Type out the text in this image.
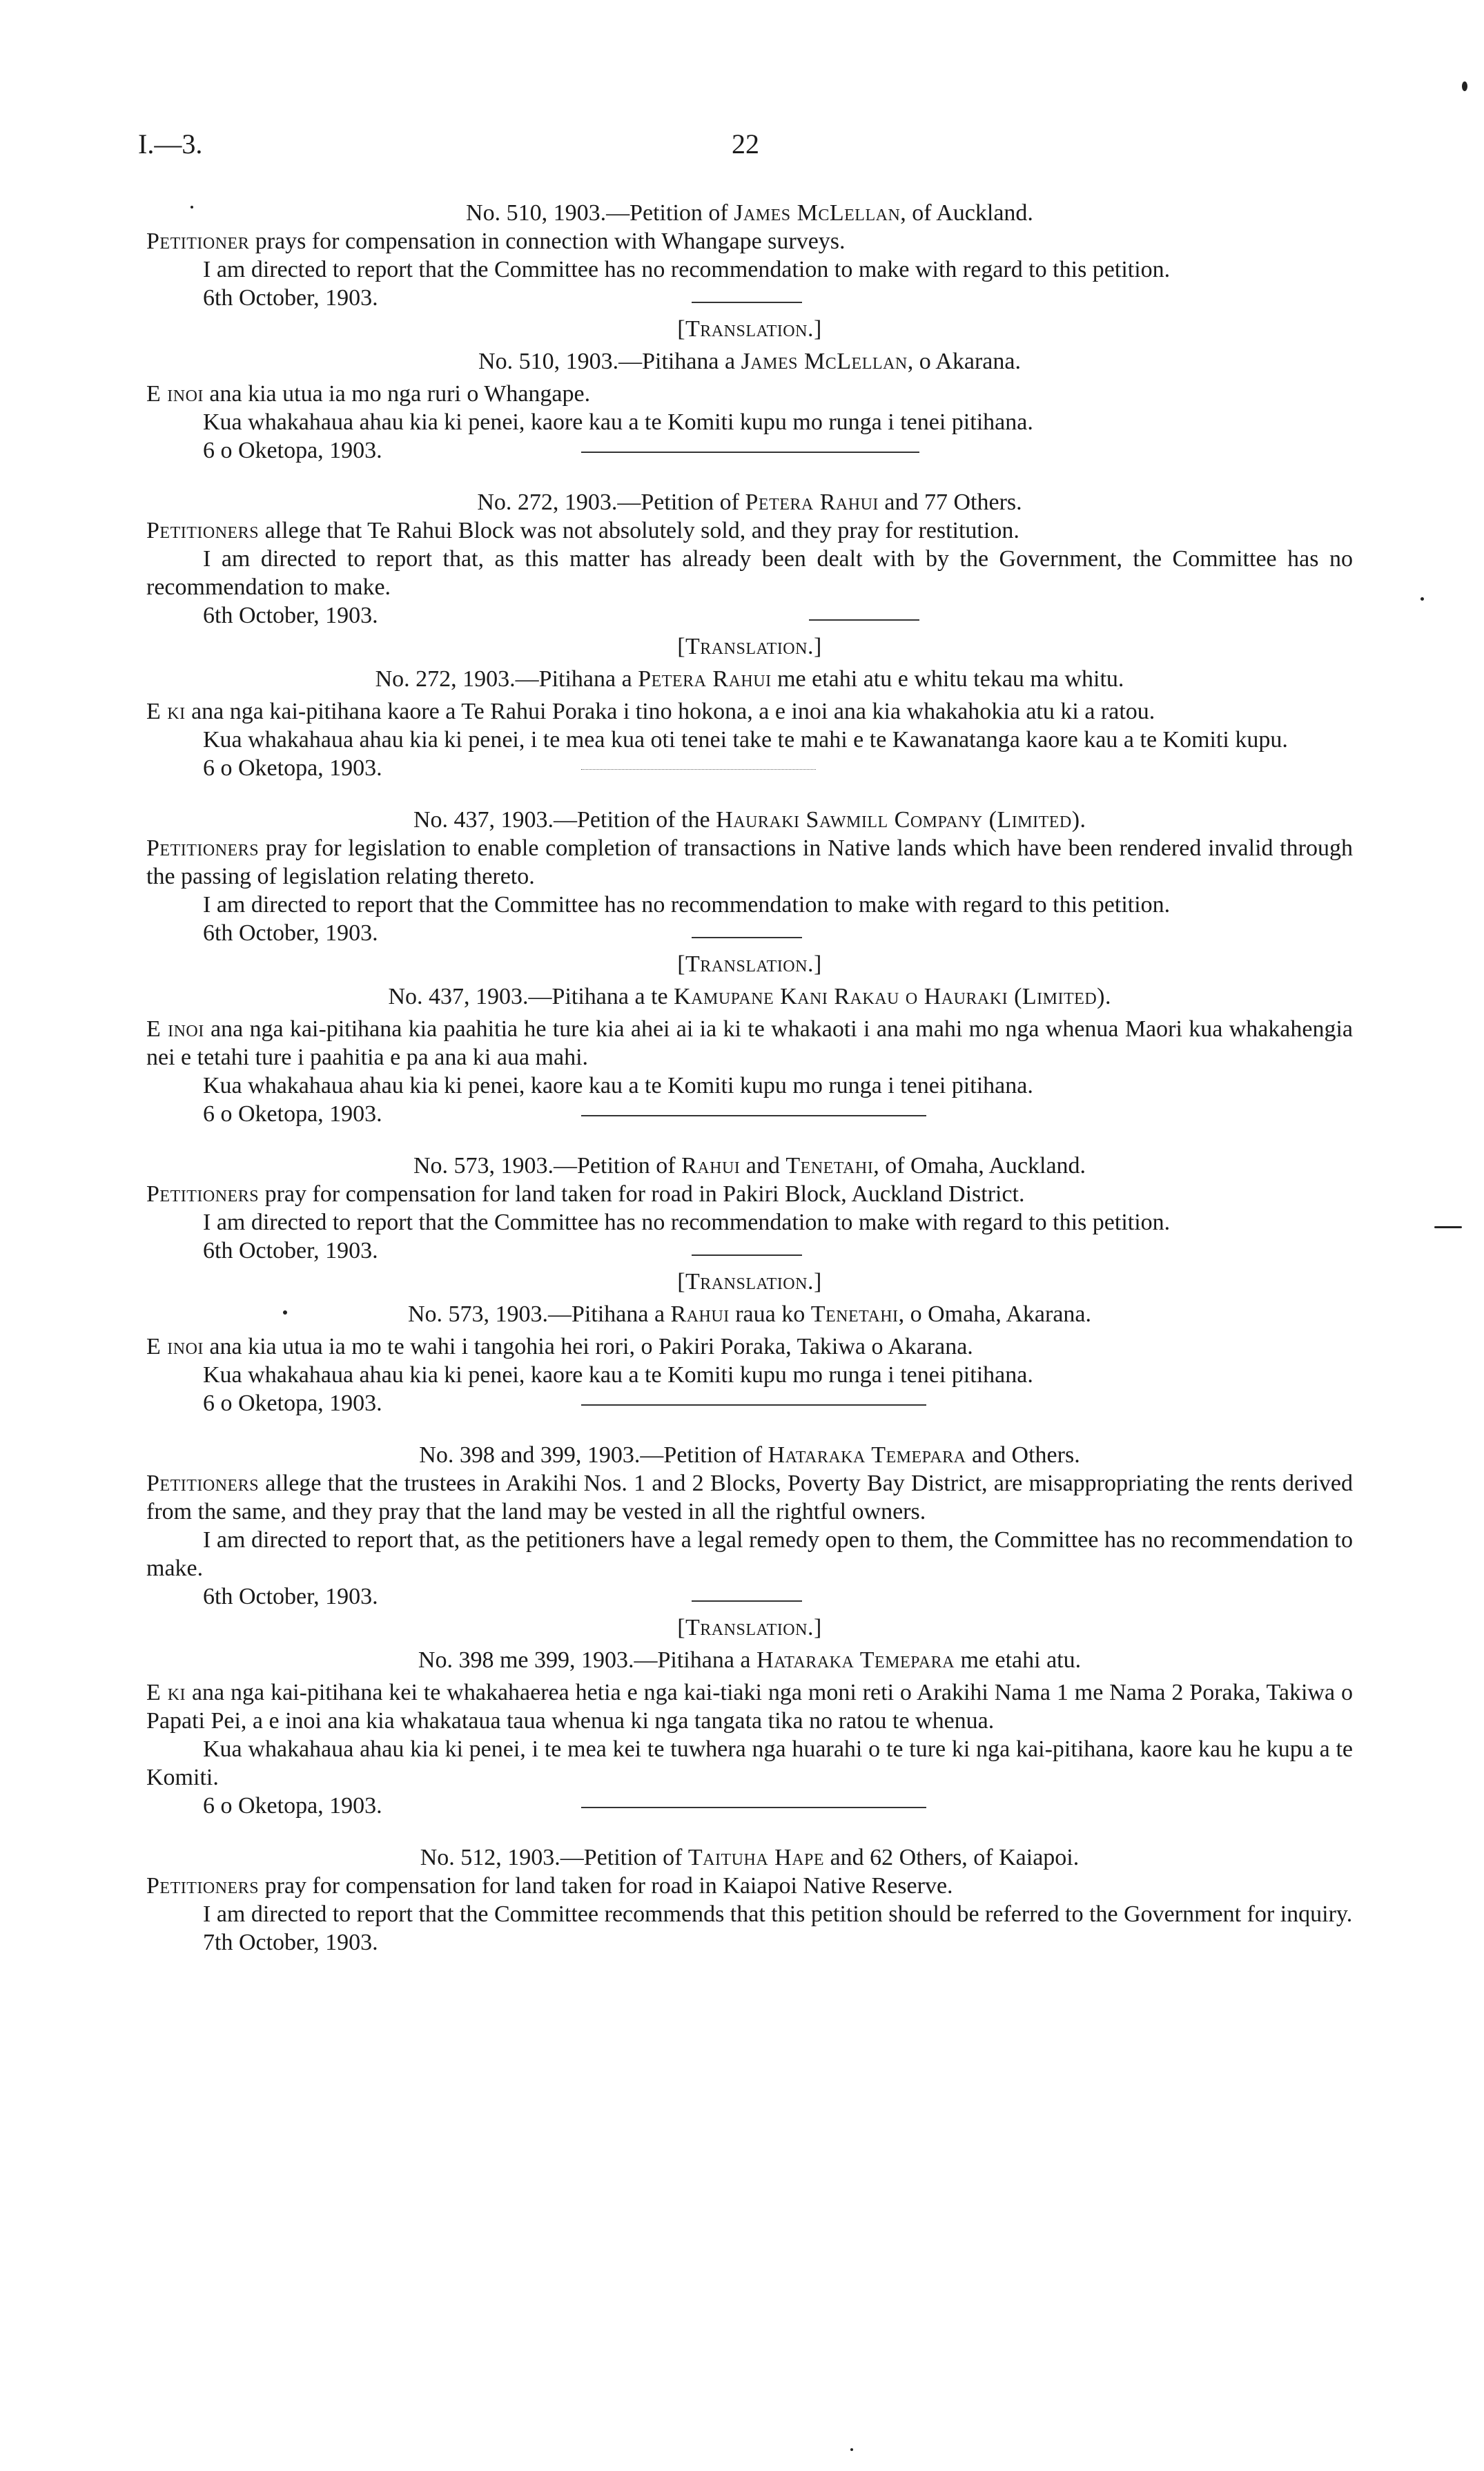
I.—3.	22
No. 510, 1903.—Petition of James McLellan, of Auckland.

Petitioner prays for compensation in connection with Whangape surveys.

I am directed to report that the Committee has no recommendation to make with regard to this petition.

6th October, 1903.
[Translation.]
No. 510, 1903.—Pitihana a James McLellan, o Akarana.

E inoi ana kia utua ia mo nga ruri o Whangape.

Kua whakahaua ahau kia ki penei, kaore kau a te Komiti kupu mo runga i tenei pitihana.

6 o Oketopa, 1903.
No. 272, 1903.—Petition of Petera Rahui and 77 Others.

Petitioners allege that Te Rahui Block was not absolutely sold, and they pray for restitution.

I am directed to report that, as this matter has already been dealt with by the Government, the Committee has no recommendation to make.

6th October, 1903.
[Translation.]
No. 272, 1903.—Pitihana a Petera Rahui me etahi atu e whitu tekau ma whitu.

E ki ana nga kai-pitihana kaore a Te Rahui Poraka i tino hokona, a e inoi ana kia whakahokia atu ki a ratou.

Kua whakahaua ahau kia ki penei, i te mea kua oti tenei take te mahi e te Kawanatanga kaore kau a te Komiti kupu.

6 o Oketopa, 1903.
No. 437, 1903.—Petition of the Hauraki Sawmill Company (Limited).

Petitioners pray for legislation to enable completion of transactions in Native lands which have been rendered invalid through the passing of legislation relating thereto.

I am directed to report that the Committee has no recommendation to make with regard to this petition.

6th October, 1903.
[Translation.]
No. 437, 1903.—Pitihana a te Kamupane Kani Rakau o Hauraki (Limited).

E inoi ana nga kai-pitihana kia paahitia he ture kia ahei ai ia ki te whakaoti i ana mahi mo nga whenua Maori kua whakahengia nei e tetahi ture i paahitia e pa ana ki aua mahi.

Kua whakahaua ahau kia ki penei, kaore kau a te Komiti kupu mo runga i tenei pitihana.

6 o Oketopa, 1903.
No. 573, 1903.—Petition of Rahui and Tenetahi, of Omaha, Auckland.

Petitioners pray for compensation for land taken for road in Pakiri Block, Auckland District.

I am directed to report that the Committee has no recommendation to make with regard to this petition.

6th October, 1903.
[Translation.]
No. 573, 1903.—Pitihana a Rahui raua ko Tenetahi, o Omaha, Akarana.

E inoi ana kia utua ia mo te wahi i tangohia hei rori, o Pakiri Poraka, Takiwa o Akarana.

Kua whakahaua ahau kia ki penei, kaore kau a te Komiti kupu mo runga i tenei pitihana.

6 o Oketopa, 1903.
No. 398 and 399, 1903.—Petition of Hataraka Temepara and Others.

Petitioners allege that the trustees in Arakihi Nos. 1 and 2 Blocks, Poverty Bay District, are misappropriating the rents derived from the same, and they pray that the land may be vested in all the rightful owners.

I am directed to report that, as the petitioners have a legal remedy open to them, the Committee has no recommendation to make.

6th October, 1903.
[Translation.]
No. 398 me 399, 1903.—Pitihana a Hataraka Temepara me etahi atu.

E ki ana nga kai-pitihana kei te whakahaerea hetia e nga kai-tiaki nga moni reti o Arakihi Nama 1 me Nama 2 Poraka, Takiwa o Papati Pei, a e inoi ana kia whakatauа taua whenua ki nga tangata tika no ratou te whenua.

Kua whakahaua ahau kia ki penei, i te mea kei te tuwhera nga huarahi o te ture ki nga kai-pitihana, kaore kau he kupu a te Komiti.

6 o Oketopa, 1903.
No. 512, 1903.—Petition of Taituha Hape and 62 Others, of Kaiapoi.

Petitioners pray for compensation for land taken for road in Kaiapoi Native Reserve.

I am directed to report that the Committee recommends that this petition should be referred to the Government for inquiry.

7th October, 1903.
